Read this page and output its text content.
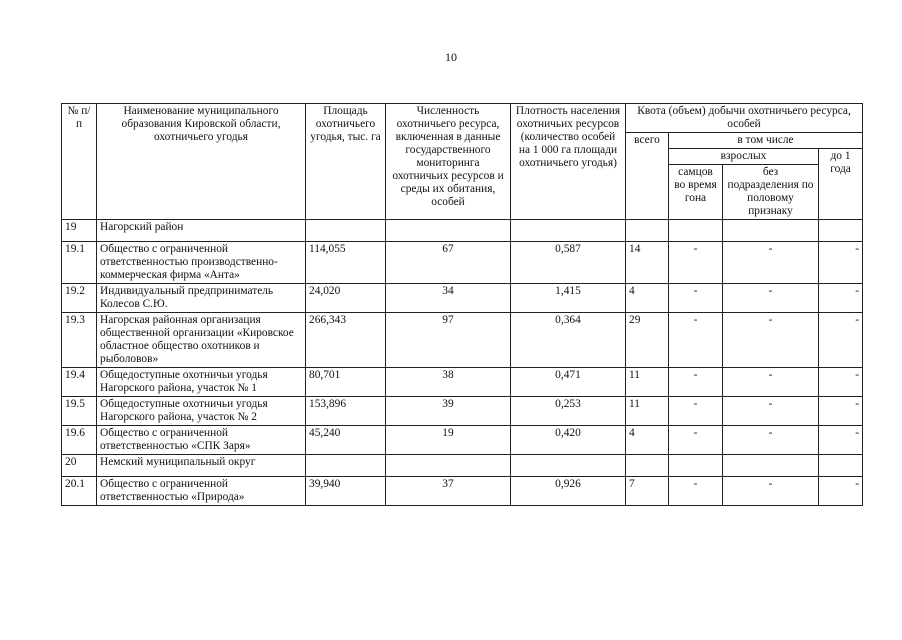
10
№ п/п	Наименование муниципального образования Кировской области, охотничьего угодья	Площадь охотничьего угодья, тыс. га	Численность охотничьего ресурса, включенная в данные государственного мониторинга охотничьих ресурсов и среды их обитания, особей	Плотность населения охотничьих ресурсов (количество особей на 1 000 га площади охотничьего угодья)	Квота (объем) добычи охотничьего ресурса, особей			
					всего	в том числе		
						взрослых		до 1 года
						самцов во время гона	без подразделения по половому признаку	
19	Нагорский район							
19.1	Общество с ограниченной ответственностью производственно-коммерческая фирма «Анта»	114,055	67	0,587	14	-	-	-
19.2	Индивидуальный предприниматель Колесов С.Ю.	24,020	34	1,415	4	-	-	-
19.3	Нагорская районная организация общественной организации «Кировское областное общество охотников и рыболовов»	266,343	97	0,364	29	-	-	-
19.4	Общедоступные охотничьи угодья Нагорского района, участок № 1	80,701	38	0,471	11	-	-	-
19.5	Общедоступные охотничьи угодья Нагорского района, участок № 2	153,896	39	0,253	11	-	-	-
19.6	Общество с ограниченной ответственностью «СПК Заря»	45,240	19	0,420	4	-	-	-
20	Немский муниципальный округ							
20.1	Общество с ограниченной ответственностью «Природа»	39,940	37	0,926	7	-	-	-
